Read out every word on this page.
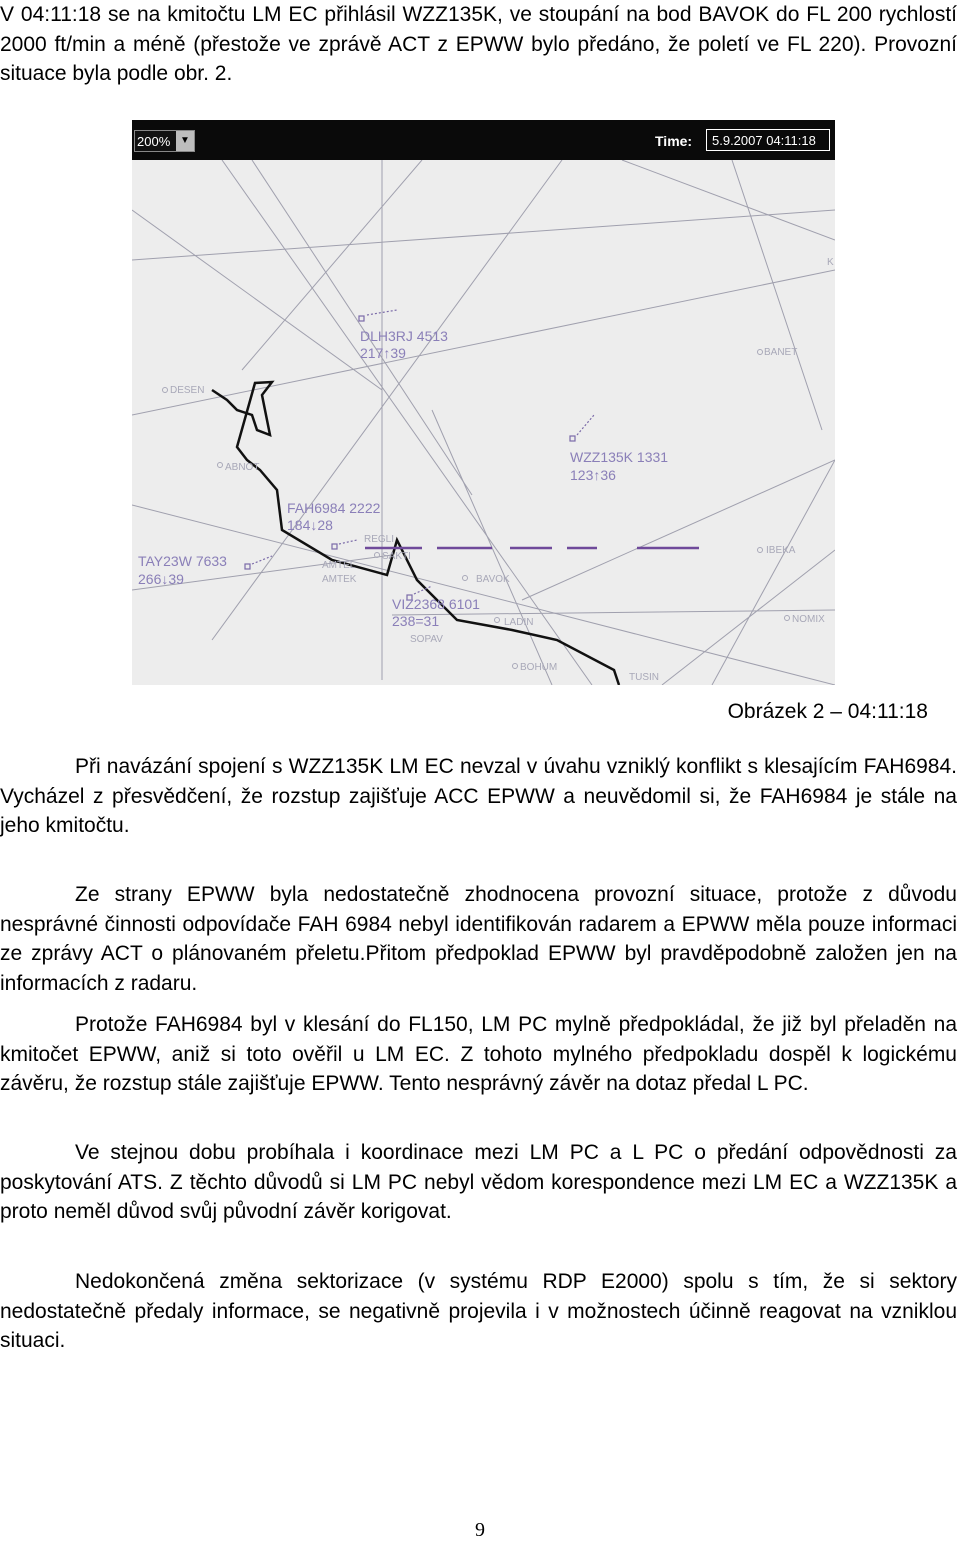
V 04:11:18 se na kmitočtu LM EC přihlásil WZZ135K, ve stoupání na bod BAVOK do FL 200 rychlostí 2000 ft/min a méně (přestože ve zprávě ACT z EPWW bylo předáno, že poletí ve FL 220). Provozní situace byla podle obr. 2.

200% ▼	Time:	5.9.2007 04:11:18
DLH3RJ 4513
217↑39
WZZ135K 1331
123↑36
FAH6984 2222
184↓28
TAY23W 7633
266↓39
VIZ2368 6101
238=31
DESEN
BANET
ABNOT
REGLI
SAKTI
AMTEL
AMTEK	BAVOK
IBEKA
LADIN
SOPAV
BOHUM
TUSIN
NOMIX
K
Obrázek 2 – 04:11:18

Při navázání spojení s WZZ135K LM EC nevzal v úvahu vzniklý konflikt s klesajícím FAH6984. Vycházel z přesvědčení, že rozstup zajišťuje ACC EPWW a neuvědomil si, že FAH6984 je stále na jeho kmitočtu.

Ze strany EPWW byla nedostatečně zhodnocena provozní situace, protože z důvodu nesprávné činnosti odpovídače FAH 6984 nebyl identifikován radarem a EPWW měla pouze informaci ze zprávy ACT o plánovaném přeletu.Přitom předpoklad EPWW byl pravděpodobně založen jen na informacích z radaru.

Protože FAH6984 byl v klesání do FL150, LM PC mylně předpokládal, že již byl přeladěn na kmitočet EPWW, aniž si toto ověřil u LM EC. Z tohoto mylného předpokladu dospěl k logickému závěru, že rozstup stále zajišťuje EPWW. Tento nesprávný závěr na dotaz předal L PC.

Ve stejnou dobu probíhala i koordinace mezi LM PC a L PC o předání odpovědnosti za poskytování ATS. Z těchto důvodů si LM PC nebyl vědom korespondence mezi LM EC a WZZ135K a proto neměl důvod svůj původní závěr korigovat.

Nedokončená změna sektorizace (v systému RDP E2000) spolu s tím, že si sektory nedostatečně předaly informace, se negativně projevila i v možnostech účinně reagovat na vzniklou situaci.

9
